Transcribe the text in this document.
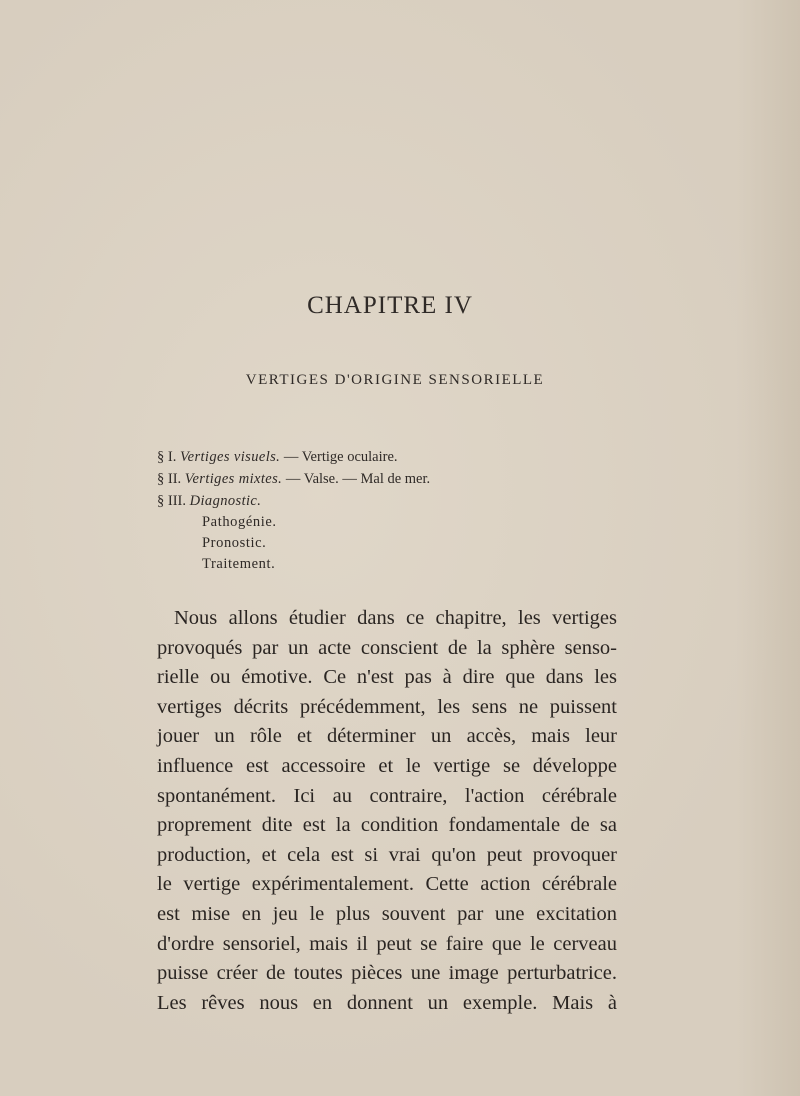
CHAPITRE IV
VERTIGES D'ORIGINE SENSORIELLE
§ I. Vertiges visuels. — Vertige oculaire.
§ II. Vertiges mixtes. — Valse. — Mal de mer.
§ III. Diagnostic.
Pathogénie.
Pronostic.
Traitement.
Nous allons étudier dans ce chapitre, les vertiges
provoqués par un acte conscient de la sphère senso-
rielle ou émotive. Ce n'est pas à dire que dans les
vertiges décrits précédemment, les sens ne puissent
jouer un rôle et déterminer un accès, mais leur
influence est accessoire et le vertige se développe
spontanément. Ici au contraire, l'action cérébrale
proprement dite est la condition fondamentale de sa
production, et cela est si vrai qu'on peut provoquer
le vertige expérimentalement. Cette action cérébrale
est mise en jeu le plus souvent par une excitation
d'ordre sensoriel, mais il peut se faire que le cerveau
puisse créer de toutes pièces une image perturbatrice.
Les rêves nous en donnent un exemple. Mais à
